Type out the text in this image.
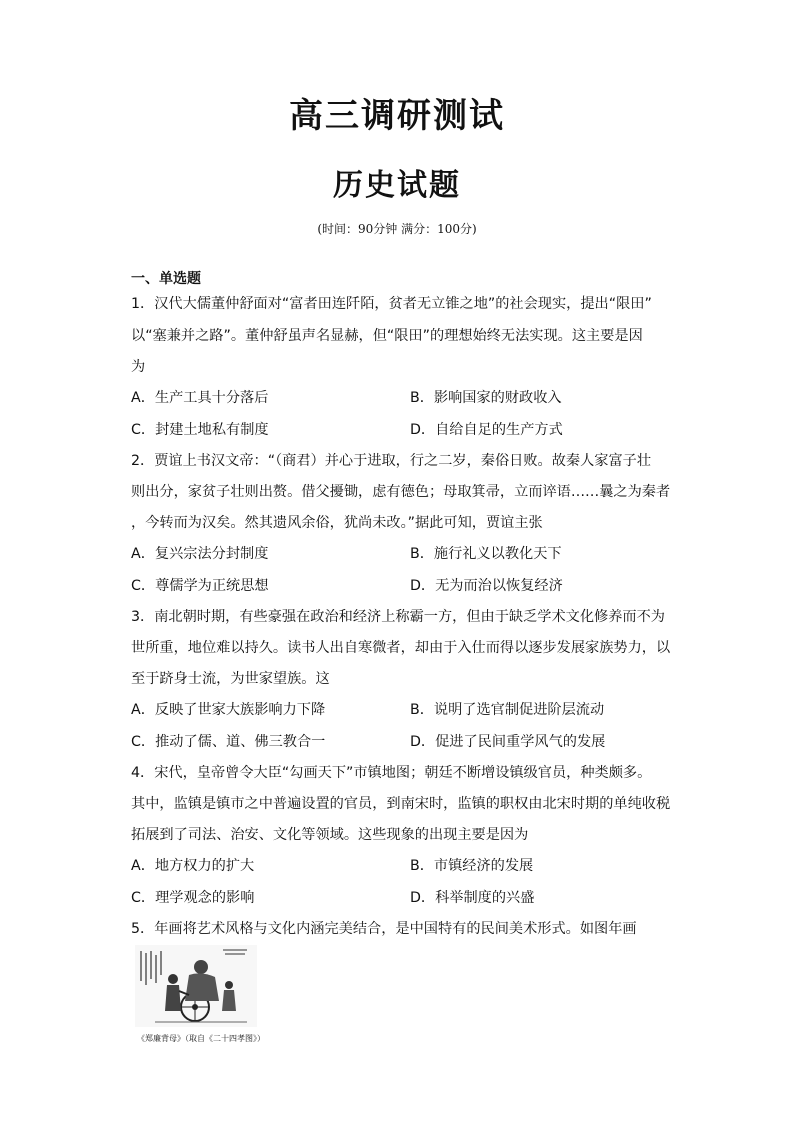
高三调研测试
历史试题
(时间：90分钟 满分：100分)
一、单选题
1．汉代大儒董仲舒面对“富者田连阡陌，贫者无立锥之地”的社会现实，提出“限田”
以“塞兼并之路”。董仲舒虽声名显赫，但“限田”的理想始终无法实现。这主要是因
为
A．生产工具十分落后	B．影响国家的财政收入
C．封建土地私有制度	D．自给自足的生产方式
2．贾谊上书汉文帝：“（商君）并心于进取，行之二岁，秦俗日败。故秦人家富子壮
则出分，家贫子壮则出赘。借父擾锄，虑有德色；母取箕帚，立而谇语……曩之为秦者
，今转而为汉矣。然其遗风余俗，犹尚未改。”据此可知，贾谊主张
A．复兴宗法分封制度	B．施行礼义以教化天下
C．尊儒学为正统思想	D．无为而治以恢复经济
3．南北朝时期，有些豪强在政治和经济上称霸一方，但由于缺乏学术文化修养而不为
世所重，地位难以持久。读书人出自寒微者，却由于入仕而得以逐步发展家族势力，以
至于跻身士流，为世家望族。这
A．反映了世家大族影响力下降	B．说明了选官制促进阶层流动
C．推动了儒、道、佛三教合一	D．促进了民间重学风气的发展
4．宋代，皇帝曾令大臣“勾画天下”市镇地图；朝廷不断增设镇级官员，种类颇多。
其中，监镇是镇市之中普遍设置的官员，到南宋时，监镇的职权由北宋时期的单纯收税
拓展到了司法、治安、文化等领域。这些现象的出现主要是因为
A．地方权力的扩大	B．市镇经济的发展
C．理学观念的影响	D．科举制度的兴盛
5．年画将艺术风格与文化内涵完美结合，是中国特有的民间美术形式。如图年画
《郑廉背母》（取自《二十四孝图》）
